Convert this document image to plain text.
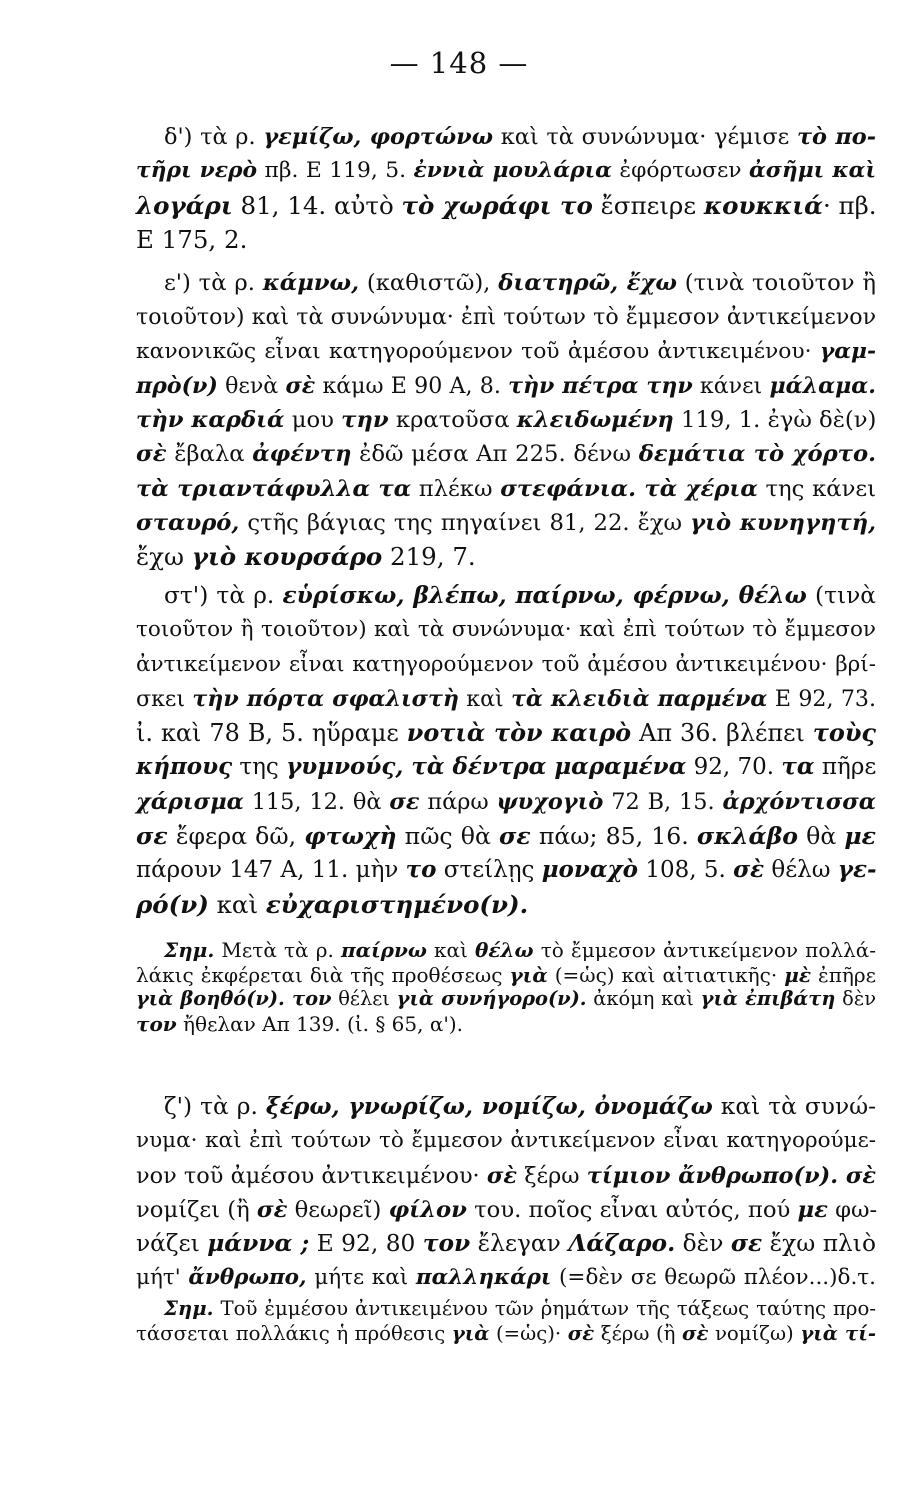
— 148 —
δ') τὰ ρ. γεμίζω, φορτώνω καὶ τὰ συνώνυμα· γέμισε τὸ πο-
τῆρι νερὸ πβ. Ε 119, 5. ἐννιὰ μουλάρια ἐφόρτωσεν ἀσῆμι καὶ
λογάρι 81, 14. αὐτὸ τὸ χωράφι το ἔσπειρε κουκκιά· πβ.
Ε 175, 2.
ε') τὰ ρ. κάμνω, (καθιστῶ), διατηρῶ, ἔχω (τινὰ τοιοῦτον ἢ
τοιοῦτον) καὶ τὰ συνώνυμα· ἐπὶ τούτων τὸ ἔμμεσον ἀντικείμενον
κανονικῶς εἶναι κατηγορούμενον τοῦ ἀμέσου ἀντικειμένου· γαμ-
πρὸ(ν) θενὰ σὲ κάμω Ε 90 Α, 8. τὴν πέτρα την κάνει μάλαμα.
τὴν καρδιά μου την κρατοῦσα κλειδωμένη 119, 1. ἐγὼ δὲ(ν)
σὲ ἔβαλα ἀφέντη ἐδῶ μέσα Απ 225. δένω δεμάτια τὸ χόρτο.
τὰ τριαντάφυλλα τα πλέκω στεφάνια. τὰ χέρια της κάνει
σταυρό, ςτῆς βάγιας της πηγαίνει 81, 22. ἔχω γιὸ κυνηγητή,
ἔχω γιὸ κουρσάρο 219, 7.
στ') τὰ ρ. εὑρίσκω, βλέπω, παίρνω, φέρνω, θέλω (τινὰ
τοιοῦτον ἢ τοιοῦτον) καὶ τὰ συνώνυμα· καὶ ἐπὶ τούτων τὸ ἔμμεσον
ἀντικείμενον εἶναι κατηγορούμενον τοῦ ἀμέσου ἀντικειμένου· βρί-
σκει τὴν πόρτα σφαλιστὴ καὶ τὰ κλειδιὰ παρμένα Ε 92, 73.
ἰ. καὶ 78 Β, 5. ηὕραμε νοτιὰ τὸν καιρὸ Απ 36. βλέπει τοὺς
κήπους της γυμνούς, τὰ δέντρα μαραμένα 92, 70. τα πῆρε
χάρισμα 115, 12. θὰ σε πάρω ψυχογιὸ 72 Β, 15. ἀρχόντισσα
σε ἔφερα δῶ, φτωχὴ πῶς θὰ σε πάω; 85, 16. σκλάβο θὰ με
πάρουν 147 Α, 11. μὴν το στείλῃς μοναχὸ 108, 5. σὲ θέλω γε-
ρό(ν) καὶ εὐχαριστημένο(ν).
Σημ. Μετὰ τὰ ρ. παίρνω καὶ θέλω τὸ ἔμμεσον ἀντικείμενον πολλά-
λάκις ἐκφέρεται διὰ τῆς προθέσεως γιὰ (=ὡς) καὶ αἰτιατικῆς· μὲ ἐπῆρε
γιὰ βοηθό(ν). τον θέλει γιὰ συνήγορο(ν). ἀκόμη καὶ γιὰ ἐπιβάτη δὲν
τον ἤθελαν Απ 139. (ἰ. § 65, α').
ζ') τὰ ρ. ξέρω, γνωρίζω, νομίζω, ὀνομάζω καὶ τὰ συνώ-
νυμα· καὶ ἐπὶ τούτων τὸ ἔμμεσον ἀντικείμενον εἶναι κατηγορούμε-
νον τοῦ ἀμέσου ἀντικειμένου· σὲ ξέρω τίμιον ἄνθρωπο(ν). σὲ
νομίζει (ἢ σὲ θεωρεῖ) φίλον του. ποῖος εἶναι αὐτός, πού με φω-
νάζει μάννα ; Ε 92, 80 τον ἔλεγαν Λάζαρο. δὲν σε ἔχω πλιὸ
μήτ' ἄνθρωπο, μήτε καὶ παλληκάρι (=δὲν σε θεωρῶ πλέον...)δ.τ.
Σημ. Τοῦ ἐμμέσου ἀντικειμένου τῶν ῥημάτων τῆς τάξεως ταύτης προ-
τάσσεται πολλάκις ἡ πρόθεσις γιὰ (=ὡς)· σὲ ξέρω (ἢ σὲ νομίζω) γιὰ τί-
